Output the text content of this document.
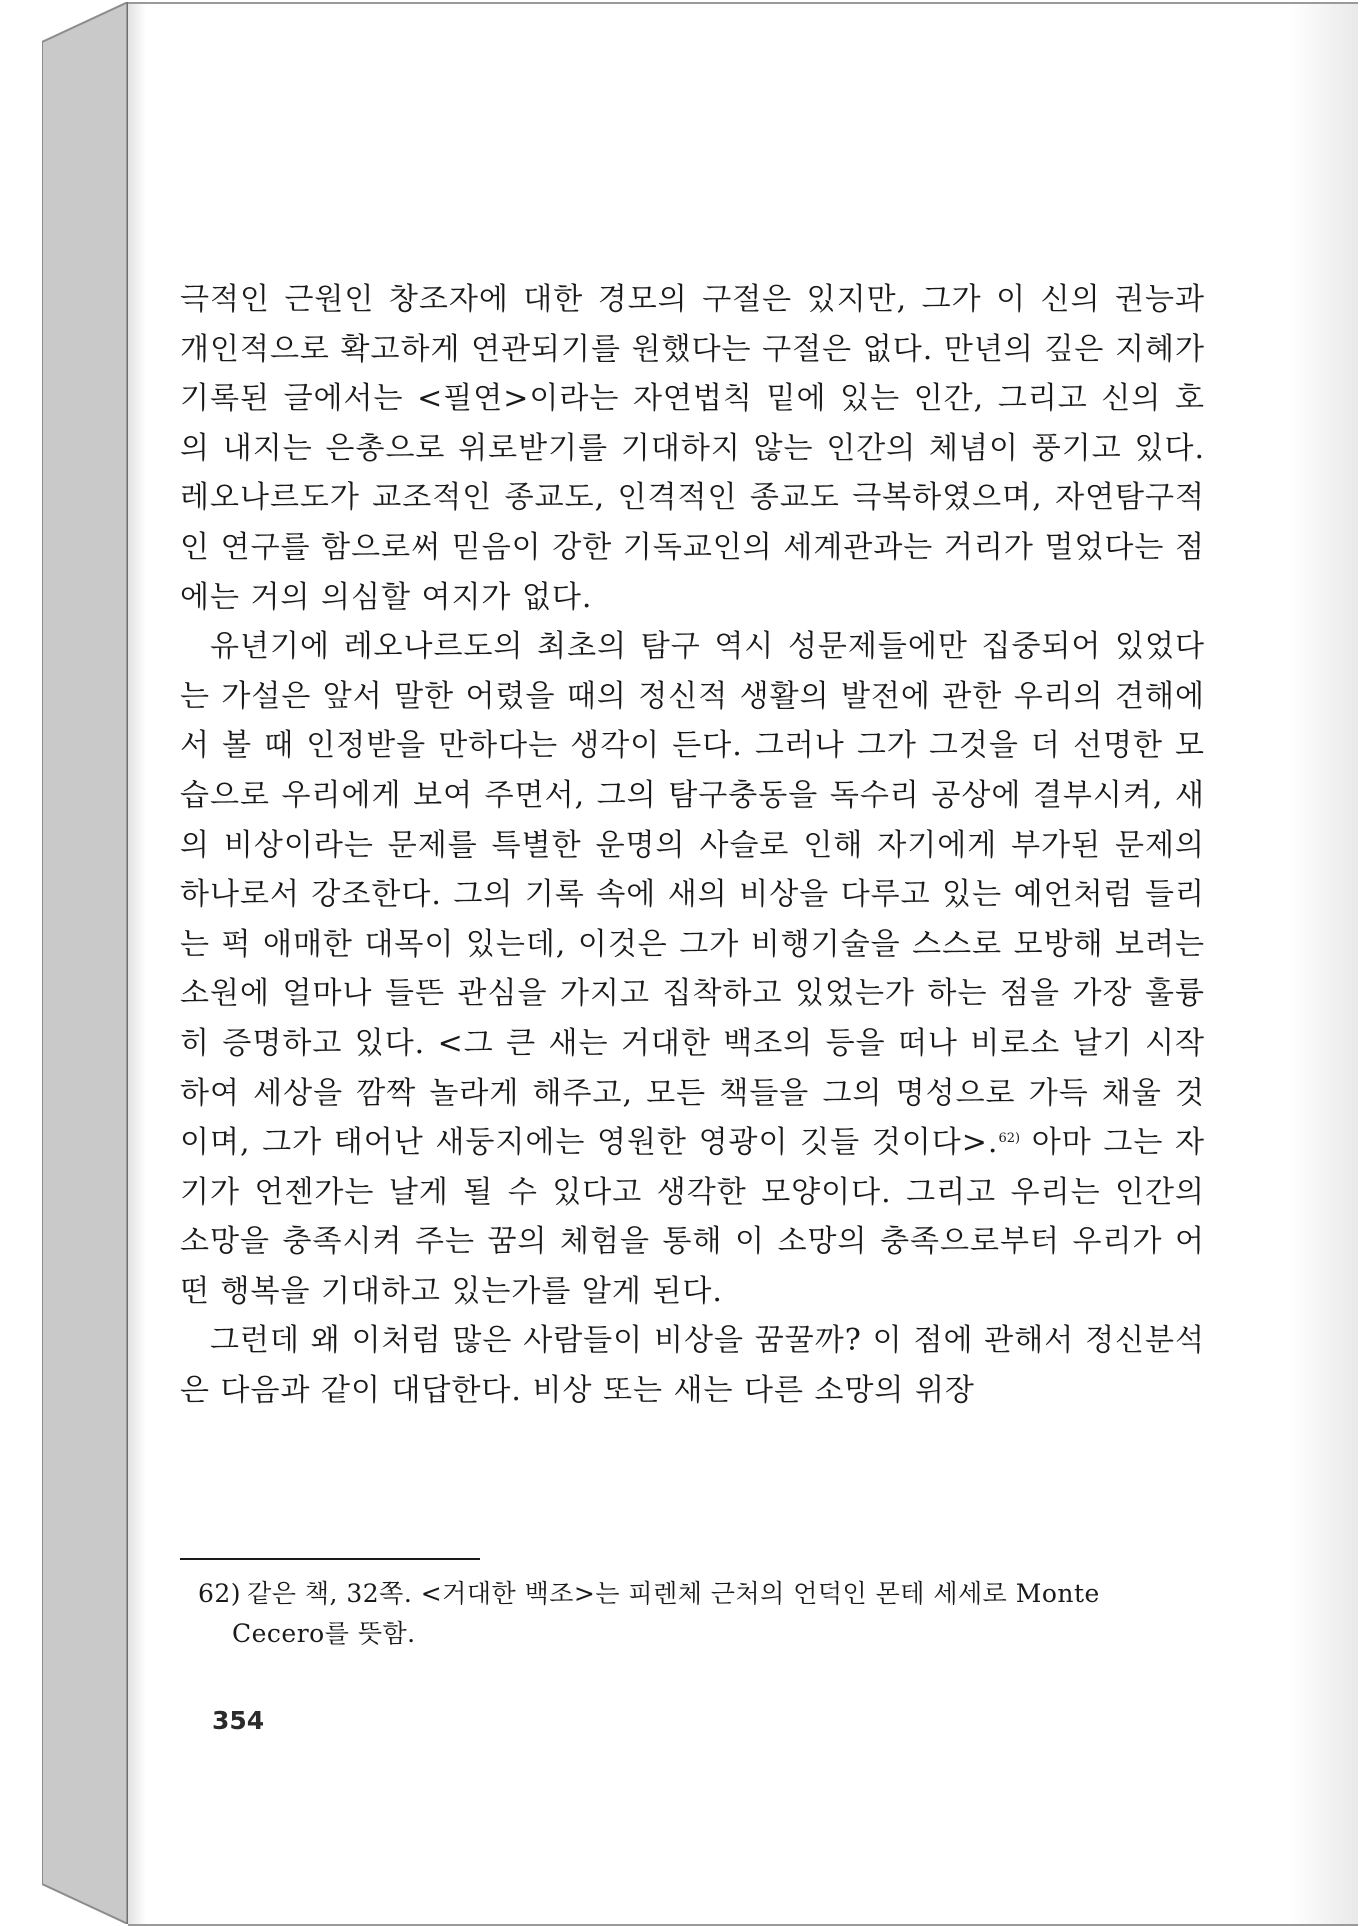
극적인 근원인 창조자에 대한 경모의 구절은 있지만, 그가 이 신의 권능과 개인적으로 확고하게 연관되기를 원했다는 구절은 없다. 만년의 깊은 지혜가 기록된 글에서는 <필연>이라는 자연법칙 밑에 있는 인간, 그리고 신의 호의 내지는 은총으로 위로받기를 기대하지 않는 인간의 체념이 풍기고 있다. 레오나르도가 교조적인 종교도, 인격적인 종교도 극복하였으며, 자연탐구적인 연구를 함으로써 믿음이 강한 기독교인의 세계관과는 거리가 멀었다는 점에는 거의 의심할 여지가 없다.

유년기에 레오나르도의 최초의 탐구 역시 성문제들에만 집중되어 있었다는 가설은 앞서 말한 어렸을 때의 정신적 생활의 발전에 관한 우리의 견해에서 볼 때 인정받을 만하다는 생각이 든다. 그러나 그가 그것을 더 선명한 모습으로 우리에게 보여 주면서, 그의 탐구충동을 독수리 공상에 결부시켜, 새의 비상이라는 문제를 특별한 운명의 사슬로 인해 자기에게 부가된 문제의 하나로서 강조한다. 그의 기록 속에 새의 비상을 다루고 있는 예언처럼 들리는 퍽 애매한 대목이 있는데, 이것은 그가 비행기술을 스스로 모방해 보려는 소원에 얼마나 들뜬 관심을 가지고 집착하고 있었는가 하는 점을 가장 훌륭히 증명하고 있다. <그 큰 새는 거대한 백조의 등을 떠나 비로소 날기 시작하여 세상을 깜짝 놀라게 해주고, 모든 책들을 그의 명성으로 가득 채울 것이며, 그가 태어난 새둥지에는 영원한 영광이 깃들 것이다>.$^{62)}$ 아마 그는 자기가 언젠가는 날게 될 수 있다고 생각한 모양이다. 그리고 우리는 인간의 소망을 충족시켜 주는 꿈의 체험을 통해 이 소망의 충족으로부터 우리가 어떤 행복을 기대하고 있는가를 알게 된다.

그런데 왜 이처럼 많은 사람들이 비상을 꿈꿀까? 이 점에 관해서 정신분석은 다음과 같이 대답한다. 비상 또는 새는 다른 소망의 위장

62) 같은 책, 32쪽. <거대한 백조>는 피렌체 근처의 언덕인 몬테 세세로 Monte
Cecero를 뜻함.
354
